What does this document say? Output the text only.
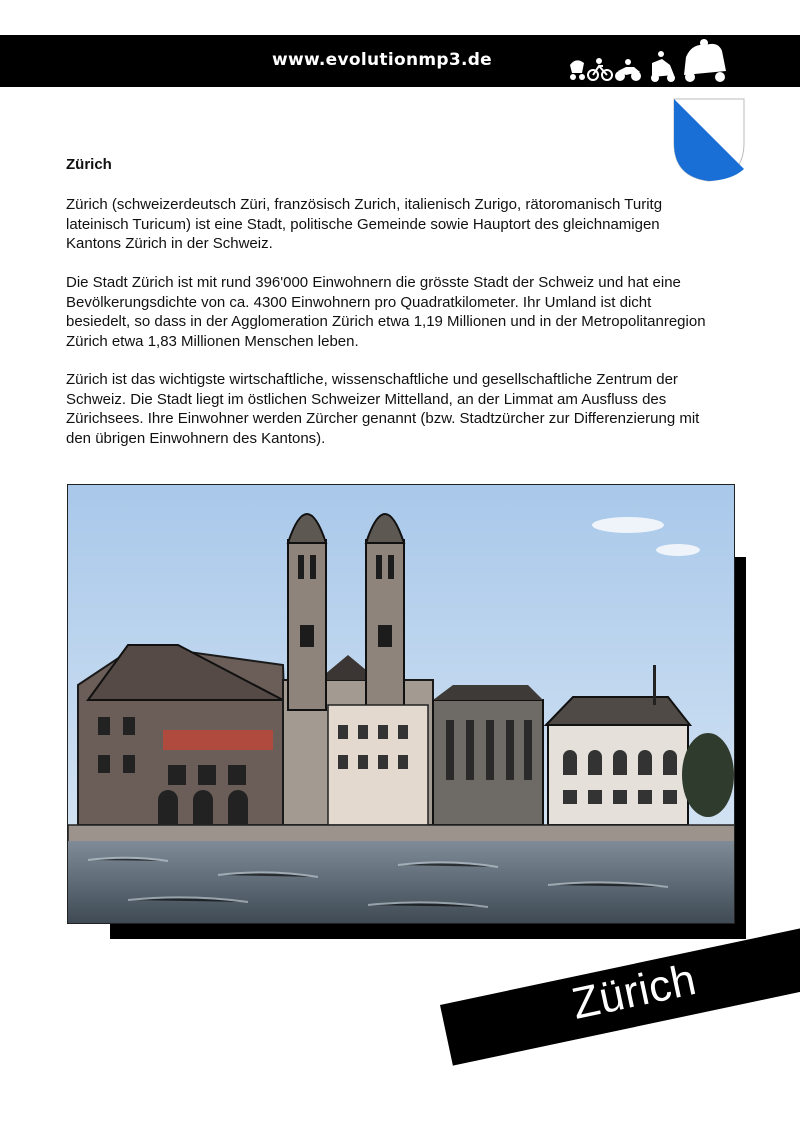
www.evolutionmp3.de
Zürich

Zürich (schweizerdeutsch Züri, französisch Zurich, italienisch Zurigo, rätoromanisch Turitg
lateinisch Turicum) ist eine Stadt, politische Gemeinde sowie Hauptort des gleichnamigen
Kantons Zürich in der Schweiz.

Die Stadt Zürich ist mit rund 396'000 Einwohnern die grösste Stadt der Schweiz und hat eine
Bevölkerungsdichte von ca. 4300 Einwohnern pro Quadratkilometer. Ihr Umland ist dicht
besiedelt, so dass in der Agglomeration Zürich etwa 1,19 Millionen und in der Metropolitanregion
Zürich etwa 1,83 Millionen Menschen leben.

Zürich ist das wichtigste wirtschaftliche, wissenschaftliche und gesellschaftliche Zentrum der
Schweiz. Die Stadt liegt im östlichen Schweizer Mittelland, an der Limmat am Ausfluss des
Zürichsees. Ihre Einwohner werden Zürcher genannt (bzw. Stadtzürcher zur Differenzierung mit
den übrigen Einwohnern des Kantons).

Zürich
